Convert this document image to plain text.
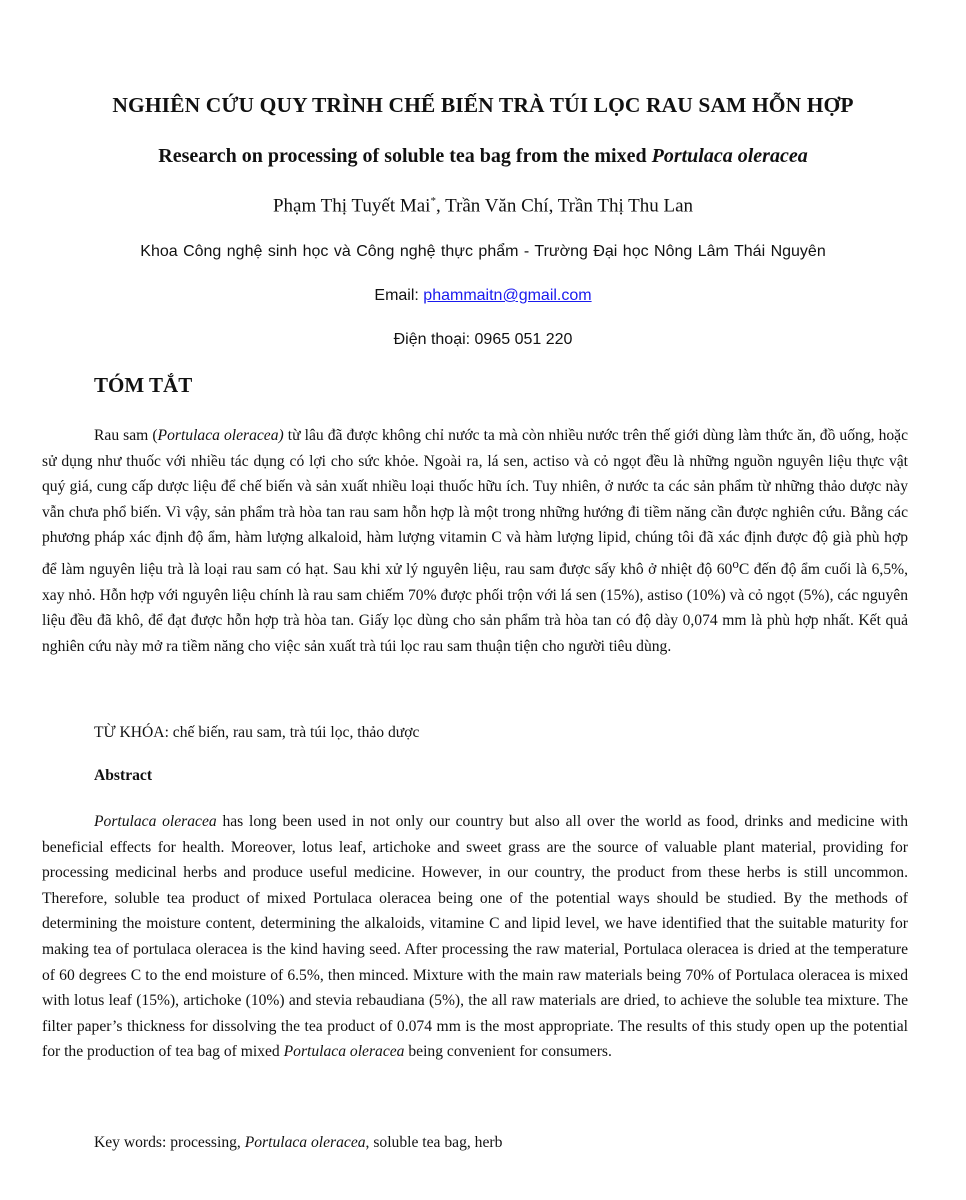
NGHIÊN CỨU QUY TRÌNH CHẾ BIẾN TRÀ TÚI LỌC RAU SAM HỖN HỢP
Research on processing of soluble tea bag from the mixed Portulaca oleracea
Phạm Thị Tuyết Mai*, Trần Văn Chí, Trần Thị Thu Lan
Khoa Công nghệ sinh học và Công nghệ thực phẩm - Trường Đại học Nông Lâm Thái Nguyên
Email: phammaitn@gmail.com
Điện thoại: 0965 051 220
TÓM TẮT

Rau sam (Portulaca oleracea) từ lâu đã được không chỉ nước ta mà còn nhiều nước trên thế giới dùng làm thức ăn, đồ uống, hoặc sử dụng như thuốc với nhiều tác dụng có lợi cho sức khỏe. Ngoài ra, lá sen, actiso và cỏ ngọt đều là những nguồn nguyên liệu thực vật quý giá, cung cấp dược liệu để chế biến và sản xuất nhiều loại thuốc hữu ích. Tuy nhiên, ở nước ta các sản phẩm từ những thảo dược này vẫn chưa phổ biến. Vì vậy, sản phẩm trà hòa tan rau sam hỗn hợp là một trong những hướng đi tiềm năng cần được nghiên cứu. Bằng các phương pháp xác định độ ẩm, hàm lượng alkaloid, hàm lượng vitamin C và hàm lượng lipid, chúng tôi đã xác định được độ già phù hợp để làm nguyên liệu trà là loại rau sam có hạt. Sau khi xử lý nguyên liệu, rau sam được sấy khô ở nhiệt độ 60$^o$C đến độ ẩm cuối là 6,5%, xay nhỏ. Hỗn hợp với nguyên liệu chính là rau sam chiếm 70% được phối trộn với lá sen (15%), astiso (10%) và cỏ ngọt (5%), các nguyên liệu đều đã khô, để đạt được hỗn hợp trà hòa tan. Giấy lọc dùng cho sản phẩm trà hòa tan có độ dày 0,074 mm là phù hợp nhất. Kết quả nghiên cứu này mở ra tiềm năng cho việc sản xuất trà túi lọc rau sam thuận tiện cho người tiêu dùng.

TỪ KHÓA: chế biến, rau sam, trà túi lọc, thảo dược
Abstract

Portulaca oleracea has long been used in not only our country but also all over the world as food, drinks and medicine with beneficial effects for health. Moreover, lotus leaf, artichoke and sweet grass are the source of valuable plant material, providing for processing medicinal herbs and produce useful medicine. However, in our country, the product from these herbs is still uncommon. Therefore, soluble tea product of mixed Portulaca oleracea being one of the potential ways should be studied. By the methods of determining the moisture content, determining the alkaloids, vitamine C and lipid level, we have identified that the suitable maturity for making tea of portulaca oleracea is the kind having seed. After processing the raw material, Portulaca oleracea is dried at the temperature of 60 degrees C to the end moisture of 6.5%, then minced. Mixture with the main raw materials being 70% of Portulaca oleracea is mixed with lotus leaf (15%), artichoke (10%) and stevia rebaudiana (5%), the all raw materials are dried, to achieve the soluble tea mixture. The filter paper’s thickness for dissolving the tea product of 0.074 mm is the most appropriate. The results of this study open up the potential for the production of tea bag of mixed Portulaca oleracea being convenient for consumers.

Key words: processing, Portulaca oleracea, soluble tea bag, herb
